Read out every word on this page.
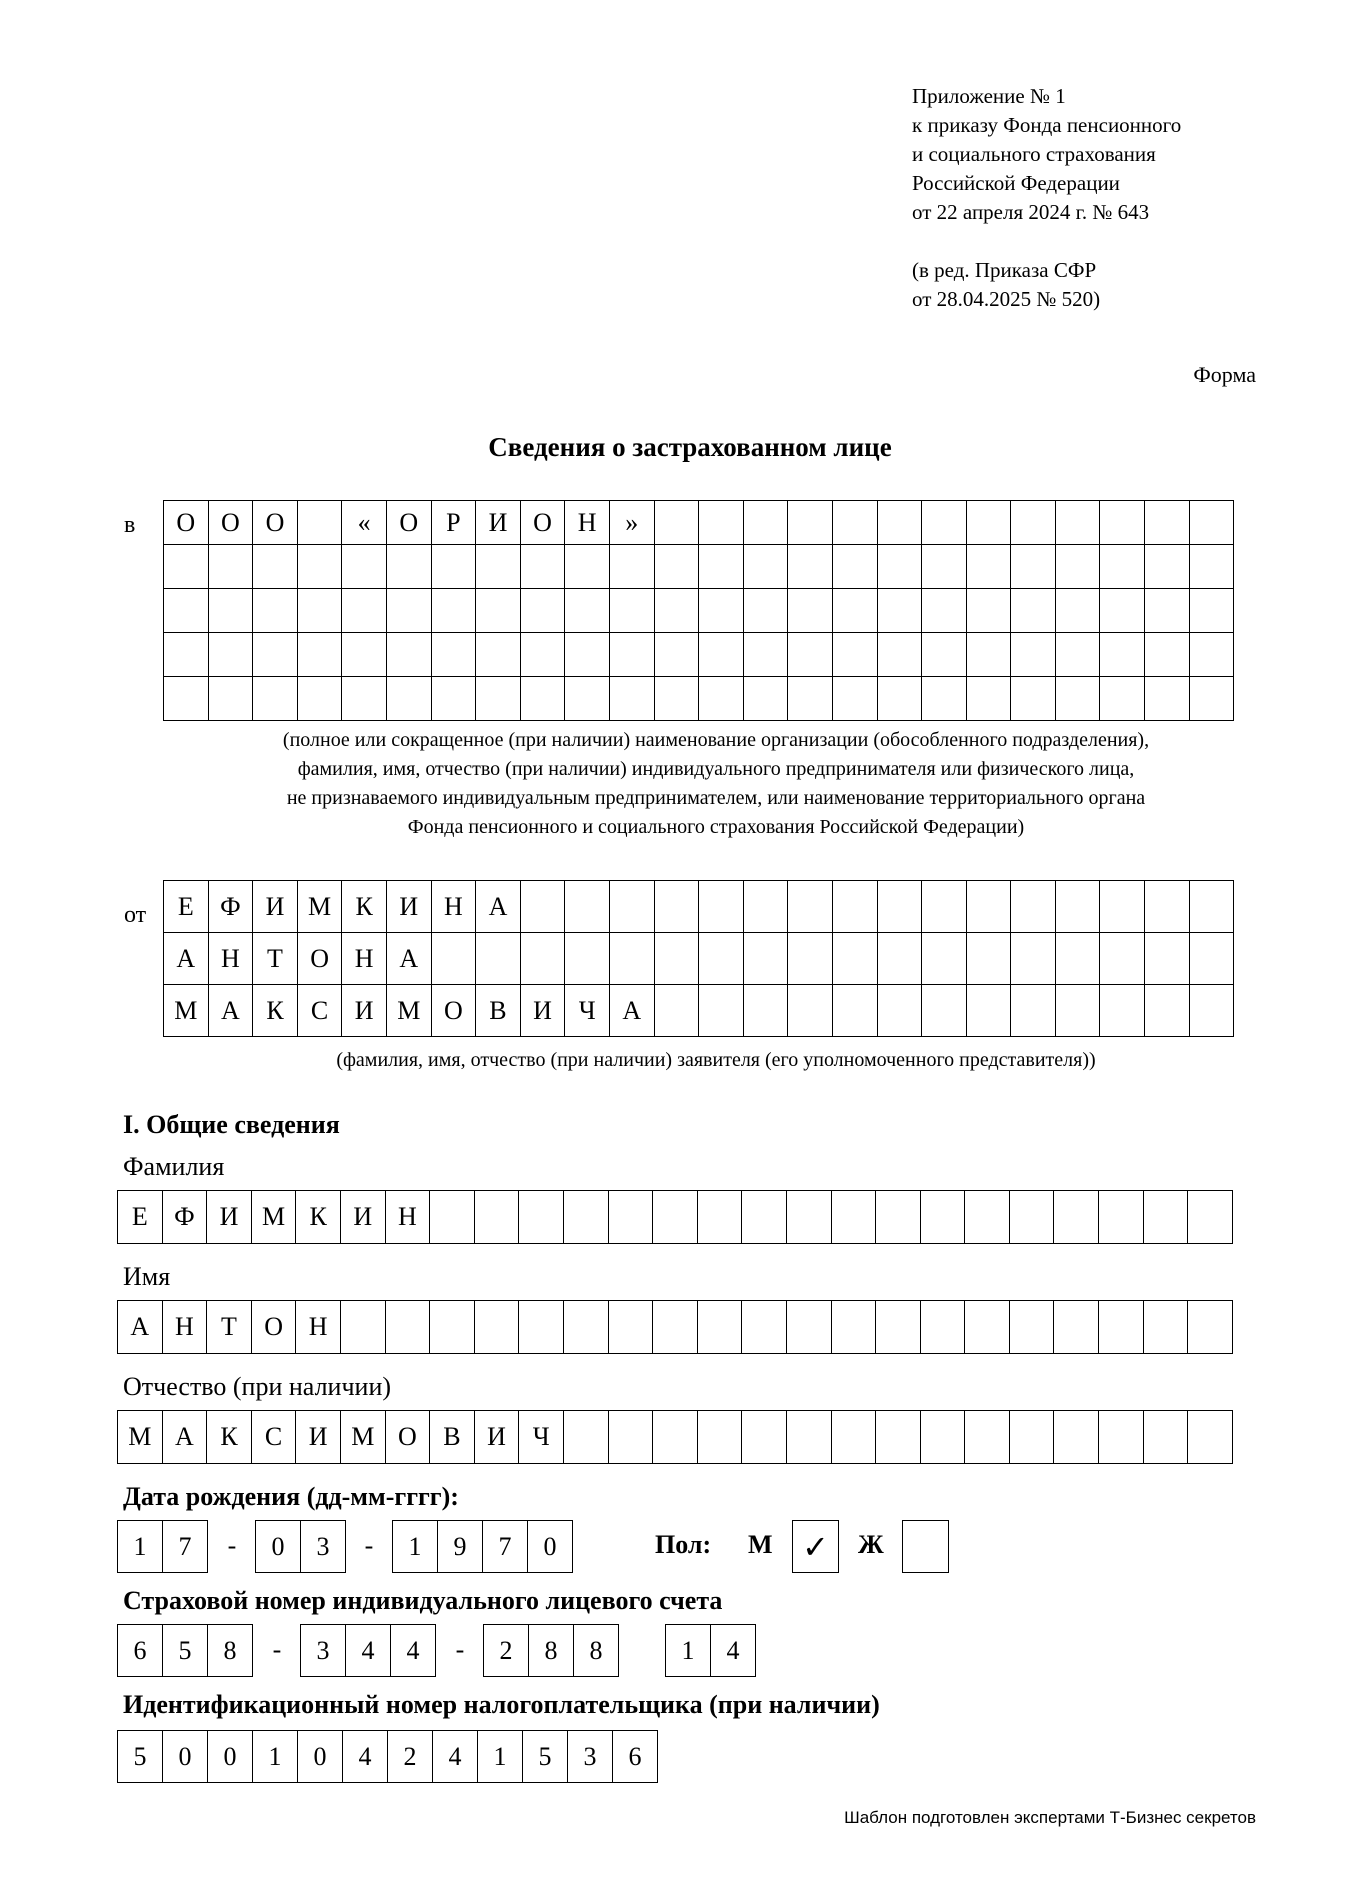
Приложение № 1
к приказу Фонда пенсионного
и социального страхования
Российской Федерации
от 22 апреля 2024 г. № 643
(в ред. Приказа СФР
от 28.04.2025 № 520)
Форма
Сведения о застрахованном лице
в О	О	О		«	О	Р	И	О	Н	»													

(полное или сокращенное (при наличии) наименование организации (обособленного подразделения),
фамилия, имя, отчество (при наличии) индивидуального предпринимателя или физического лица,
не признаваемого индивидуальным предпринимателем, или наименование территориального органа
Фонда пенсионного и социального страхования Российской Федерации)
от Е	Ф	И	М	К	И	Н	А																
А	Н	Т	О	Н	А																		
М	А	К	С	И	М	О	В	И	Ч	А													
(фамилия, имя, отчество (при наличии) заявителя (его уполномоченного представителя))
I. Общие сведения
Фамилия
Е	Ф	И	М	К	И	Н																		
Имя
А	Н	Т	О	Н																				
Отчество (при наличии)
М	А	К	С	И	М	О	В	И	Ч															
Дата рождения (дд-мм-гггг):
1	7	-	0	3	-	1	9	7	0	Пол: М ✓ Ж
Страховой номер индивидуального лицевого счета
6	5	8	-	3	4	4	-	2	8	8	1	4
Идентификационный номер налогоплательщика (при наличии)
5	0	0	1	0	4	2	4	1	5	3	6
Шаблон подготовлен экспертами Т-Бизнес секретов
